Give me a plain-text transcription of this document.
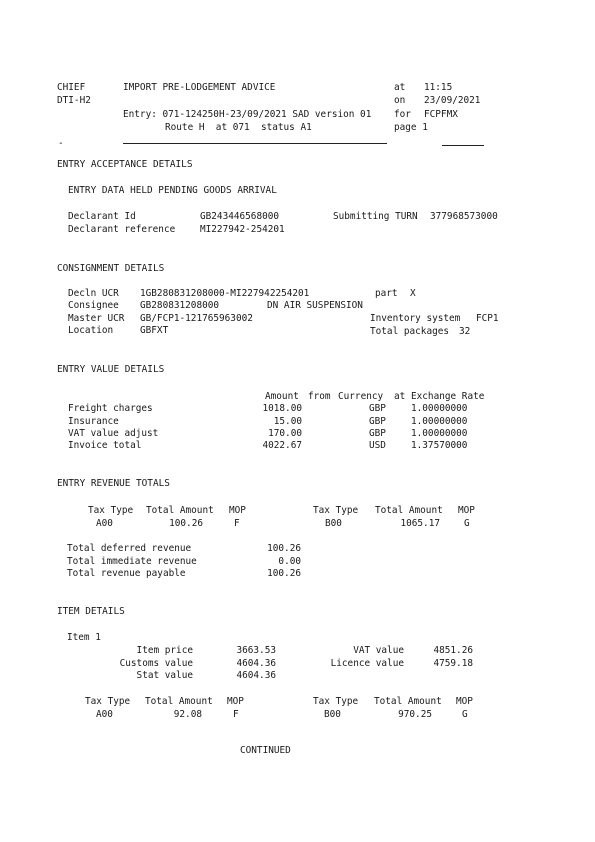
CHIEF
DTI-H2
IMPORT PRE-LODGEMENT ADVICE	at 11:15
on 23/09/2021
Entry: 071-124250H-23/09/2021 SAD version 01 for FCPFMX
Route H  at 071  status A1	page 1
-
ENTRY ACCEPTANCE DETAILS
ENTRY DATA HELD PENDING GOODS ARRIVAL
Declarant Id	GB243446568000	Submitting TURN 377968573000
Declarant reference	MI227942-254201
CONSIGNMENT DETAILS
Decln UCR 1GB280831208000-MI227942254201	part X
Consignee GB280831208000	DN AIR SUSPENSION
Master UCR GB/FCP1-121765963002	Inventory system FCP1
Location	GBFXT	Total packages 32
ENTRY VALUE DETAILS
Amount from Currency at Exchange Rate
Freight charges	1018.00	GBP	1.00000000
Insurance	15.00	GBP	1.00000000
VAT value adjust	170.00	GBP	1.00000000
Invoice total	4022.67	USD	1.37570000
ENTRY REVENUE TOTALS
Tax Type Total Amount MOP	Tax Type Total Amount MOP
A00	100.26	F	B00	1065.17	G
Total deferred revenue	100.26
Total immediate revenue	0.00
Total revenue payable	100.26
ITEM DETAILS
Item 1
Item price	3663.53	VAT value	4851.26
Customs value	4604.36	Licence value	4759.18
Stat value	4604.36
Tax Type Total Amount MOP	Tax Type Total Amount MOP
A00	92.08	F	B00	970.25	G
CONTINUED
